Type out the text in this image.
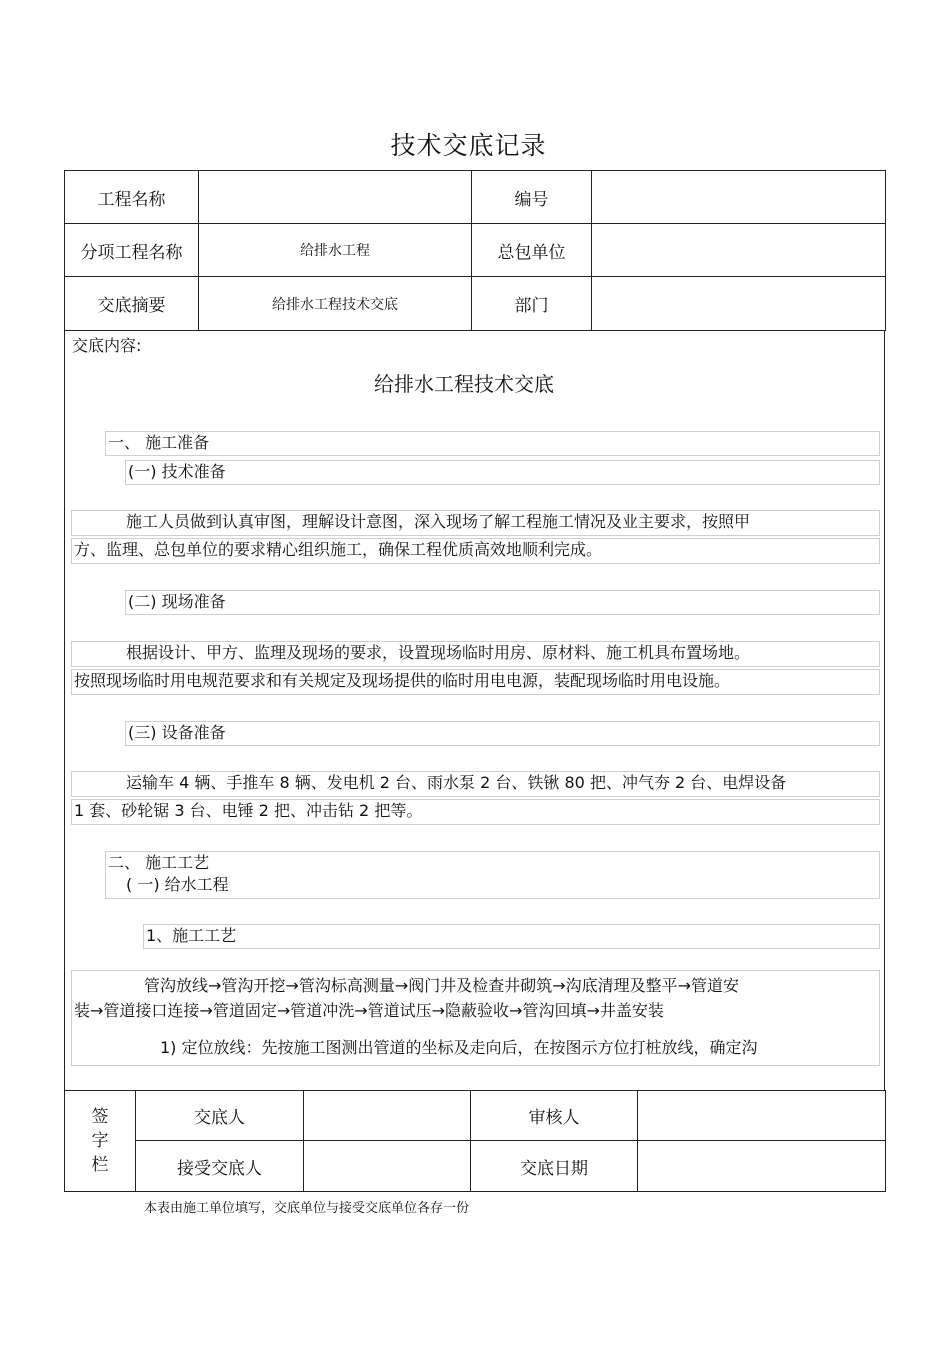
技术交底记录
工程名称		编号	
分项工程名称	给排水工程	总包单位	
交底摘要	给排水工程技术交底	部门	
交底内容:
给排水工程技术交底
一、 施工准备
(一) 技术准备
施工人员做到认真审图，理解设计意图，深入现场了解工程施工情况及业主要求，按照甲
方、监理、总包单位的要求精心组织施工，确保工程优质高效地顺利完成。
(二) 现场准备
根据设计、甲方、监理及现场的要求，设置现场临时用房、原材料、施工机具布置场地。
按照现场临时用电规范要求和有关规定及现场提供的临时用电电源，装配现场临时用电设施。
(三) 设备准备
运输车 4 辆、手推车 8 辆、发电机 2 台、雨水泵 2 台、铁锹 80 把、冲气夯 2 台、电焊设备
1 套、砂轮锯 3 台、电锤 2 把、冲击钻 2 把等。
二、 施工工艺
( 一) 给水工程
1、施工工艺
管沟放线→管沟开挖→管沟标高测量→阀门井及检查井砌筑→沟底清理及整平→管道安
装→管道接口连接→管道固定→管道冲洗→管道试压→隐蔽验收→管沟回填→井盖安装
1) 定位放线：先按施工图测出管道的坐标及走向后，在按图示方位打桩放线，确定沟
签字栏	交底人		审核人	
	接受交底人		交底日期	
本表由施工单位填写，交底单位与接受交底单位各存一份
